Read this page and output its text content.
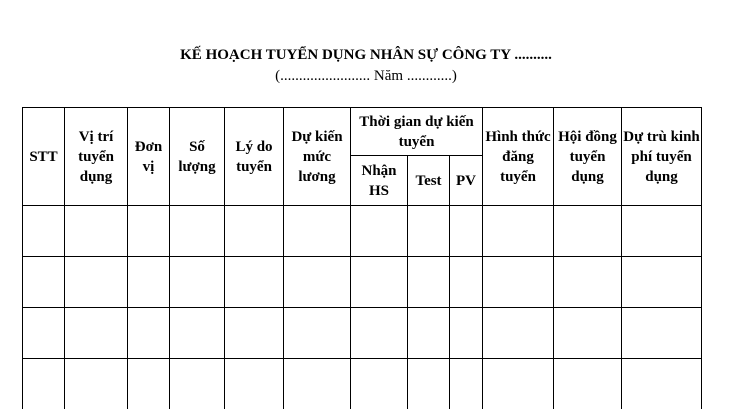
KẾ HOẠCH TUYỂN DỤNG NHÂN SỰ CÔNG TY ..........
(........................ Năm ............)
STT	Vị trí tuyển dụng	Đơn vị	Số lượng	Lý do tuyển	Dự kiến mức lương	Thời gian dự kiến tuyển			Hình thức đăng tuyển	Hội đồng tuyển dụng	Dự trù kinh phí tuyển dụng
						Nhận HS	Test	PV			
